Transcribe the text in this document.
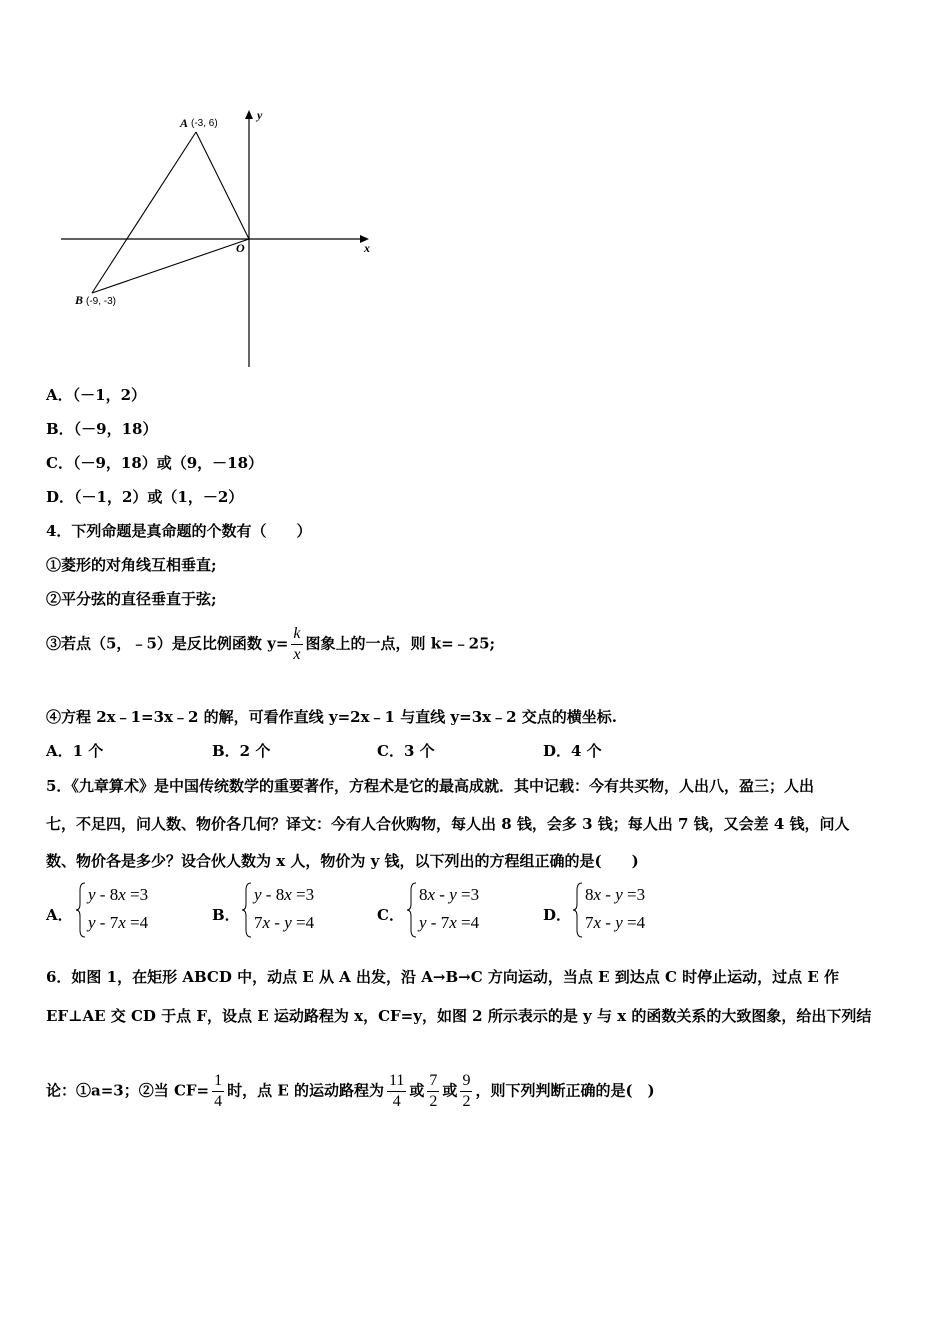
A (-3, 6)
B (-9, -3)
O	x
y
A．（－1，2）
B．（－9，18）
C．（－9，18）或（9，－18）
D．（－1，2）或（1，－2）
4．下列命题是真命题的个数有（　　）
①菱形的对角线互相垂直;
②平分弦的直径垂直于弦;
③若点（5，﹣5）是反比例函数 $y= \frac{k}{x}$ 图象上的一点，则 k=﹣25;
④方程 2x﹣1=3x﹣2 的解，可看作直线 y=2x﹣1 与直线 y=3x﹣2 交点的横坐标.
A．1 个	B．2 个	C．3 个	D．4 个
5．《九章算术》是中国传统数学的重要著作，方程术是它的最高成就．其中记载：今有共买物，人出八，盈三；人出
七，不足四，问人数、物价各几何？译文：今有人合伙购物，每人出 8 钱，会多 3 钱；每人出 7 钱，又会差 4 钱，问人
数、物价各是多少？设合伙人数为 x 人，物价为 y 钱，以下列出的方程组正确的是(　　)
A．
y - 8x =3
y - 7x =4	B．
y - 8x =3
7x - y =4	C．
8x - y =3
y - 7x =4	D．
8x - y =3
7x - y =4
6．如图 1，在矩形 ABCD 中，动点 E 从 A 出发，沿 A→B→C 方向运动，当点 E 到达点 C 时停止运动，过点 E 作
EF⊥AE 交 CD 于点 F，设点 E 运动路程为 x，CF=y，如图 2 所示表示的是 y 与 x 的函数关系的大致图象，给出下列结
论：①a=3；②当 $CF= \frac{1}{4}$ 时，点 E 的运动路程为 $\frac{11}{4}$ 或 $\frac{7}{2}$ 或 $\frac{9}{2}$ ，则下列判断正确的是(　)
